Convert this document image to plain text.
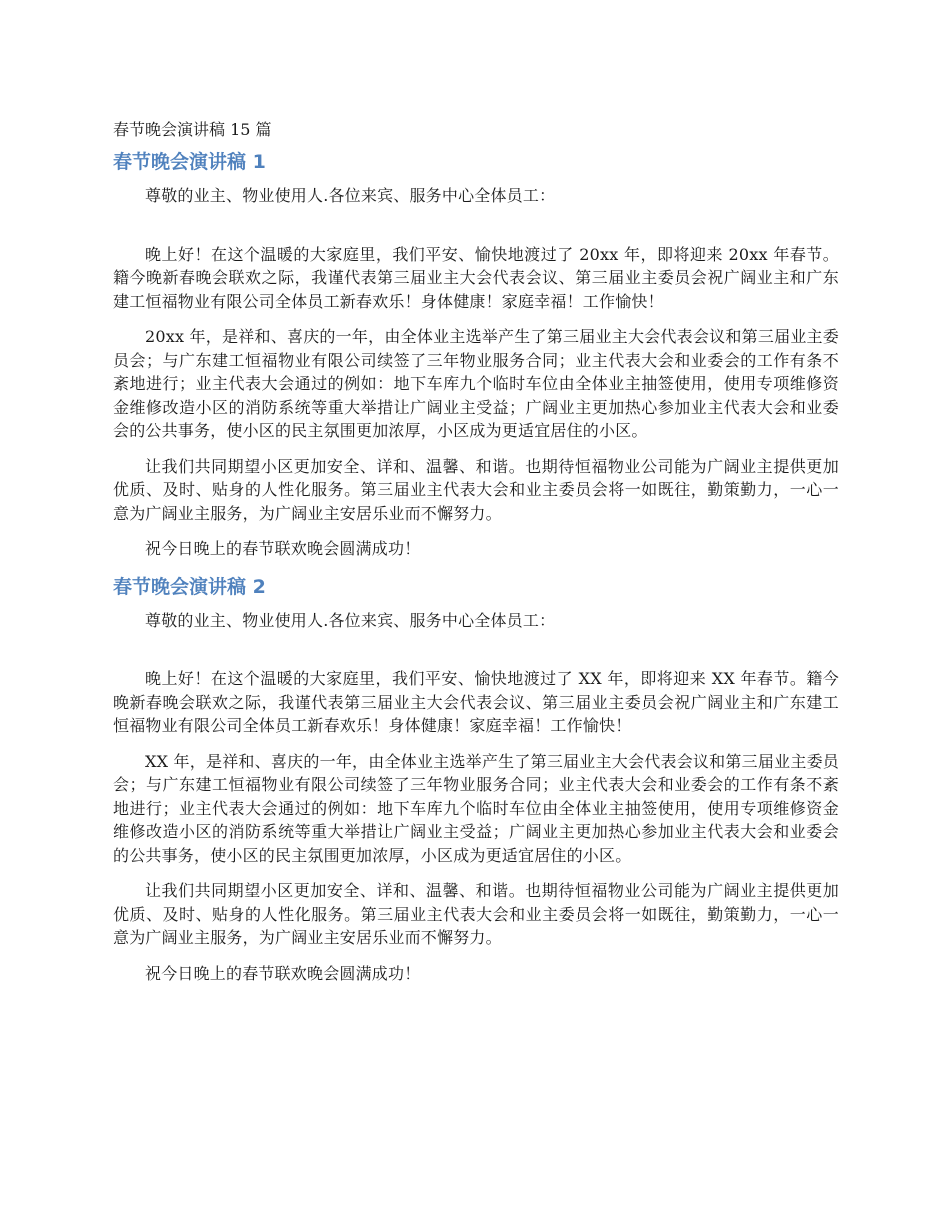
春节晚会演讲稿 15 篇
春节晚会演讲稿 1

尊敬的业主、物业使用人.各位来宾、服务中心全体员工：

晚上好！在这个温暖的大家庭里，我们平安、愉快地渡过了 20xx 年，即将迎来 20xx 年春节。籍今晚新春晚会联欢之际，我谨代表第三届业主大会代表会议、第三届业主委员会祝广阔业主和广东建工恒福物业有限公司全体员工新春欢乐！身体健康！家庭幸福！工作愉快！

20xx 年，是祥和、喜庆的一年，由全体业主选举产生了第三届业主大会代表会议和第三届业主委员会；与广东建工恒福物业有限公司续签了三年物业服务合同；业主代表大会和业委会的工作有条不紊地进行；业主代表大会通过的例如：地下车库九个临时车位由全体业主抽签使用，使用专项维修资金维修改造小区的消防系统等重大举措让广阔业主受益；广阔业主更加热心参加业主代表大会和业委会的公共事务，使小区的民主氛围更加浓厚，小区成为更适宜居住的小区。

让我们共同期望小区更加安全、详和、温馨、和谐。也期待恒福物业公司能为广阔业主提供更加优质、及时、贴身的人性化服务。第三届业主代表大会和业主委员会将一如既往，勤策勤力，一心一意为广阔业主服务，为广阔业主安居乐业而不懈努力。

祝今日晚上的春节联欢晚会圆满成功！

春节晚会演讲稿 2

尊敬的业主、物业使用人.各位来宾、服务中心全体员工：

晚上好！在这个温暖的大家庭里，我们平安、愉快地渡过了 XX 年，即将迎来 XX 年春节。籍今晚新春晚会联欢之际，我谨代表第三届业主大会代表会议、第三届业主委员会祝广阔业主和广东建工恒福物业有限公司全体员工新春欢乐！身体健康！家庭幸福！工作愉快！

XX 年，是祥和、喜庆的一年，由全体业主选举产生了第三届业主大会代表会议和第三届业主委员会；与广东建工恒福物业有限公司续签了三年物业服务合同；业主代表大会和业委会的工作有条不紊地进行；业主代表大会通过的例如：地下车库九个临时车位由全体业主抽签使用，使用专项维修资金维修改造小区的消防系统等重大举措让广阔业主受益；广阔业主更加热心参加业主代表大会和业委会的公共事务，使小区的民主氛围更加浓厚，小区成为更适宜居住的小区。

让我们共同期望小区更加安全、详和、温馨、和谐。也期待恒福物业公司能为广阔业主提供更加优质、及时、贴身的人性化服务。第三届业主代表大会和业主委员会将一如既往，勤策勤力，一心一意为广阔业主服务，为广阔业主安居乐业而不懈努力。

祝今日晚上的春节联欢晚会圆满成功！
